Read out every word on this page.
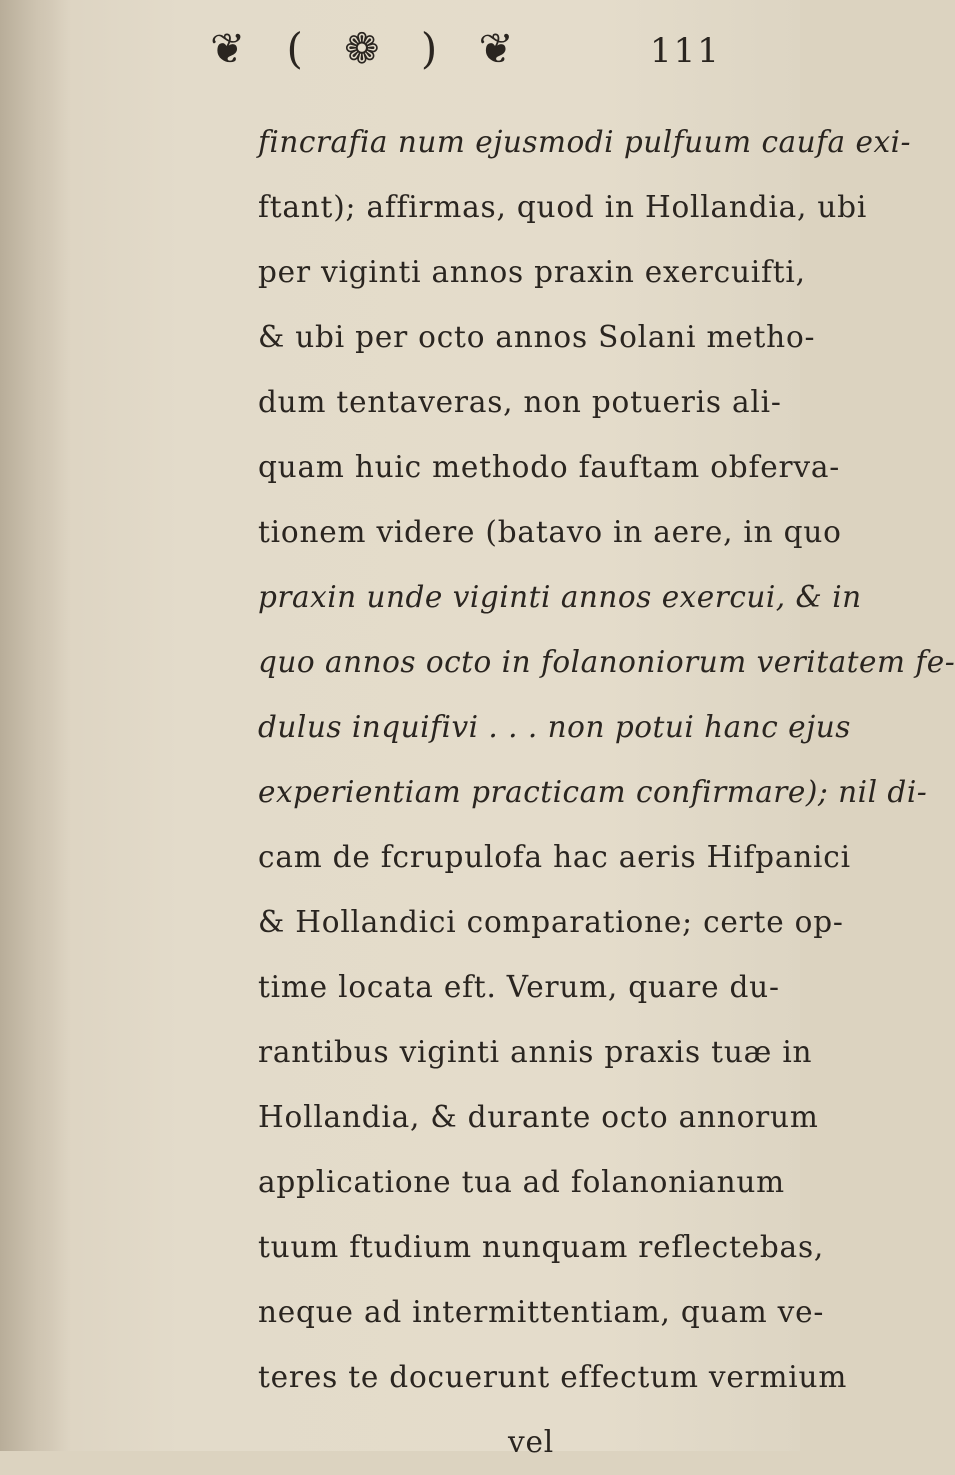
❦ ( ❁ ) ❦	111
fincrafia num ejusmodi pulfuum caufa exi-
ftant); affirmas, quod in Hollandia, ubi
per viginti annos praxin exercuifti,
& ubi per octo annos Solani metho-
dum tentaveras, non potueris ali-
quam huic methodo fauftam obferva-
tionem videre (batavo in aere, in quo
praxin unde viginti annos exercui, & in
quo annos octo in folanoniorum veritatem fe-
dulus inquifivi . . . non potui hanc ejus
experientiam practicam confirmare); nil di-
cam de fcrupulofa hac aeris Hifpanici
& Hollandici comparatione; certe op-
time locata eft. Verum, quare du-
rantibus viginti annis praxis tuæ in
Hollandia, & durante octo annorum
applicatione tua ad folanonianum
tuum ftudium nunquam reflectebas,
neque ad intermittentiam, quam ve-
teres te docuerunt effectum vermium
vel
